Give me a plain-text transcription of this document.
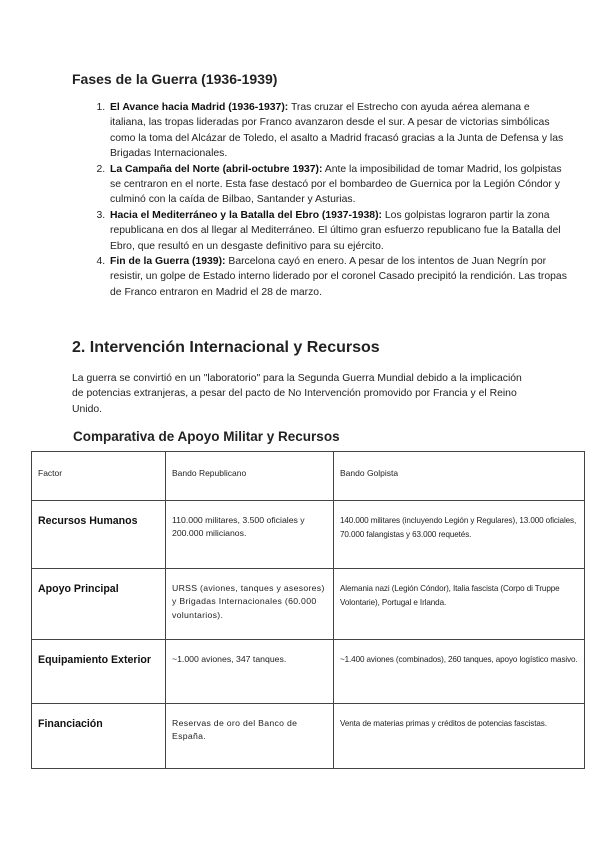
Fases de la Guerra (1936-1939)
1. El Avance hacia Madrid (1936-1937): Tras cruzar el Estrecho con ayuda aérea alemana e italiana, las tropas lideradas por Franco avanzaron desde el sur. A pesar de victorias simbólicas como la toma del Alcázar de Toledo, el asalto a Madrid fracasó gracias a la Junta de Defensa y las Brigadas Internacionales.
2. La Campaña del Norte (abril-octubre 1937): Ante la imposibilidad de tomar Madrid, los golpistas se centraron en el norte. Esta fase destacó por el bombardeo de Guernica por la Legión Cóndor y culminó con la caída de Bilbao, Santander y Asturias.
3. Hacia el Mediterráneo y la Batalla del Ebro (1937-1938): Los golpistas lograron partir la zona republicana en dos al llegar al Mediterráneo. El último gran esfuerzo republicano fue la Batalla del Ebro, que resultó en un desgaste definitivo para su ejército.
4. Fin de la Guerra (1939): Barcelona cayó en enero. A pesar de los intentos de Juan Negrín por resistir, un golpe de Estado interno liderado por el coronel Casado precipitó la rendición. Las tropas de Franco entraron en Madrid el 28 de marzo.
2. Intervención Internacional y Recursos

La guerra se convirtió en un "laboratorio" para la Segunda Guerra Mundial debido a la implicación de potencias extranjeras, a pesar del pacto de No Intervención promovido por Francia y el Reino Unido.

Comparativa de Apoyo Militar y Recursos
Factor	Bando Republicano	Bando Golpista

Recursos Humanos	110.000 militares, 3.500 oficiales y 200.000 milicianos.	140.000 militares (incluyendo Legión y Regulares), 13.000 oficiales, 70.000 falangistas y 63.000 requetés.

Apoyo Principal	URSS (aviones, tanques y asesores) y Brigadas Internacionales (60.000 voluntarios).	Alemania nazi (Legión Cóndor), Italia fascista (Corpo di Truppe Volontarie), Portugal e Irlanda.

Equipamiento Exterior	~1.000 aviones, 347 tanques.	~1.400 aviones (combinados), 260 tanques, apoyo logístico masivo.

Financiación	Reservas de oro del Banco de España.	Venta de materias primas y créditos de potencias fascistas.
